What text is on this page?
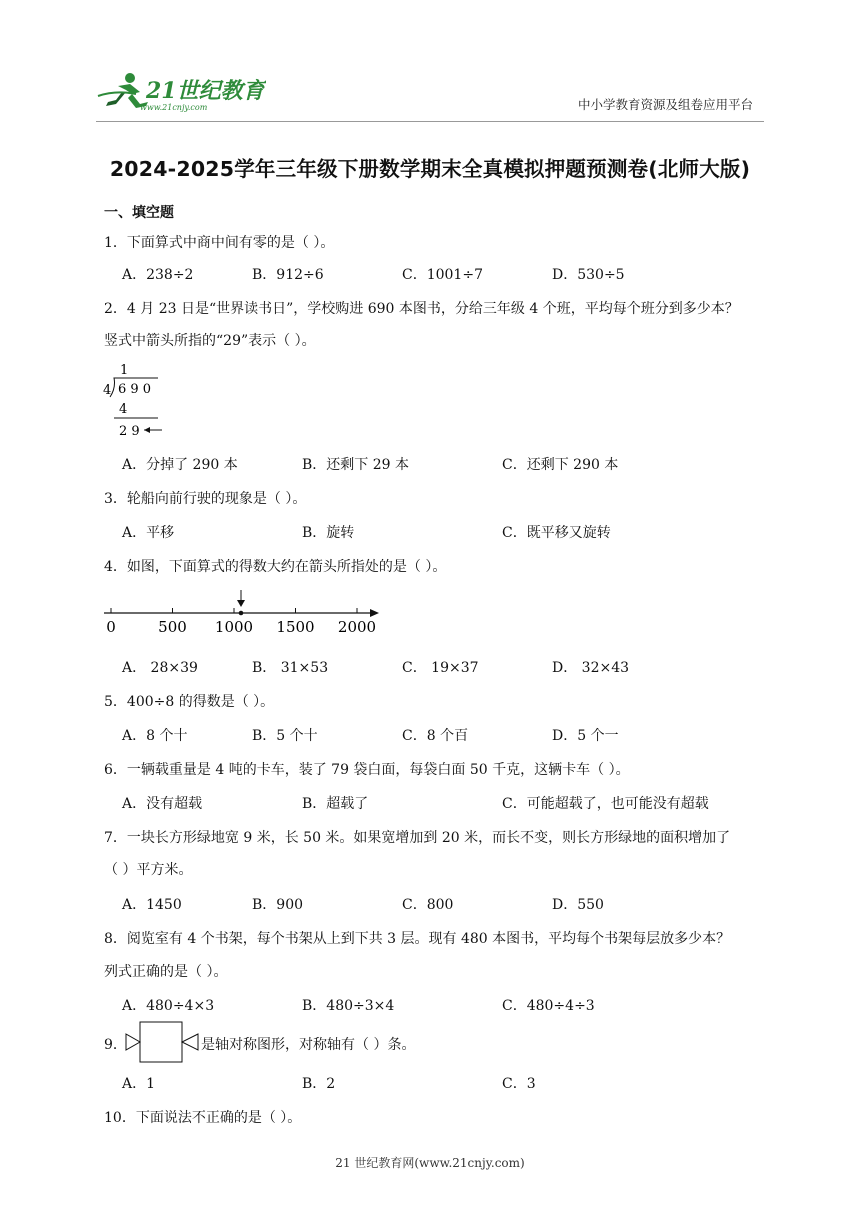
21世纪教育
www.21cnjy.com	中小学教育资源及组卷应用平台
2024-2025学年三年级下册数学期末全真模拟押题预测卷(北师大版)
一、填空题
1．下面算式中商中间有零的是（ ）。
A．238÷2	B．912÷6	C．1001÷7	D．530÷5
2．4 月 23 日是“世界读书日”，学校购进 690 本图书，分给三年级 4 个班，平均每个班分到多少本？
竖式中箭头所指的“29”表示（ ）。
1
4 6 9 0
4
2 9
A．分掉了 290 本	B．还剩下 29 本	C．还剩下 290 本
3．轮船向前行驶的现象是（ ）。
A．平移	B．旋转	C．既平移又旋转
4．如图，下面算式的得数大约在箭头所指处的是（ ）。
0	500 1000 1500 2000
A． 28×39	B． 31×53	C． 19×37	D． 32×43
5．400÷8 的得数是（ ）。
A．8 个十	B．5 个十	C．8 个百	D．5 个一
6．一辆载重量是 4 吨的卡车，装了 79 袋白面，每袋白面 50 千克，这辆卡车（ ）。
A．没有超载	B．超载了	C．可能超载了，也可能没有超载
7．一块长方形绿地宽 9 米，长 50 米。如果宽增加到 20 米，而长不变，则长方形绿地的面积增加了
（ ）平方米。
A．1450	B．900	C．800	D．550
8．阅览室有 4 个书架，每个书架从上到下共 3 层。现有 480 本图书，平均每个书架每层放多少本？
列式正确的是（ ）。
A．480÷4×3	B．480÷3×4	C．480÷4÷3
9．	是轴对称图形，对称轴有（ ）条。
A．1	B．2	C．3
10．下面说法不正确的是（ ）。
21 世纪教育网(www.21cnjy.com)
